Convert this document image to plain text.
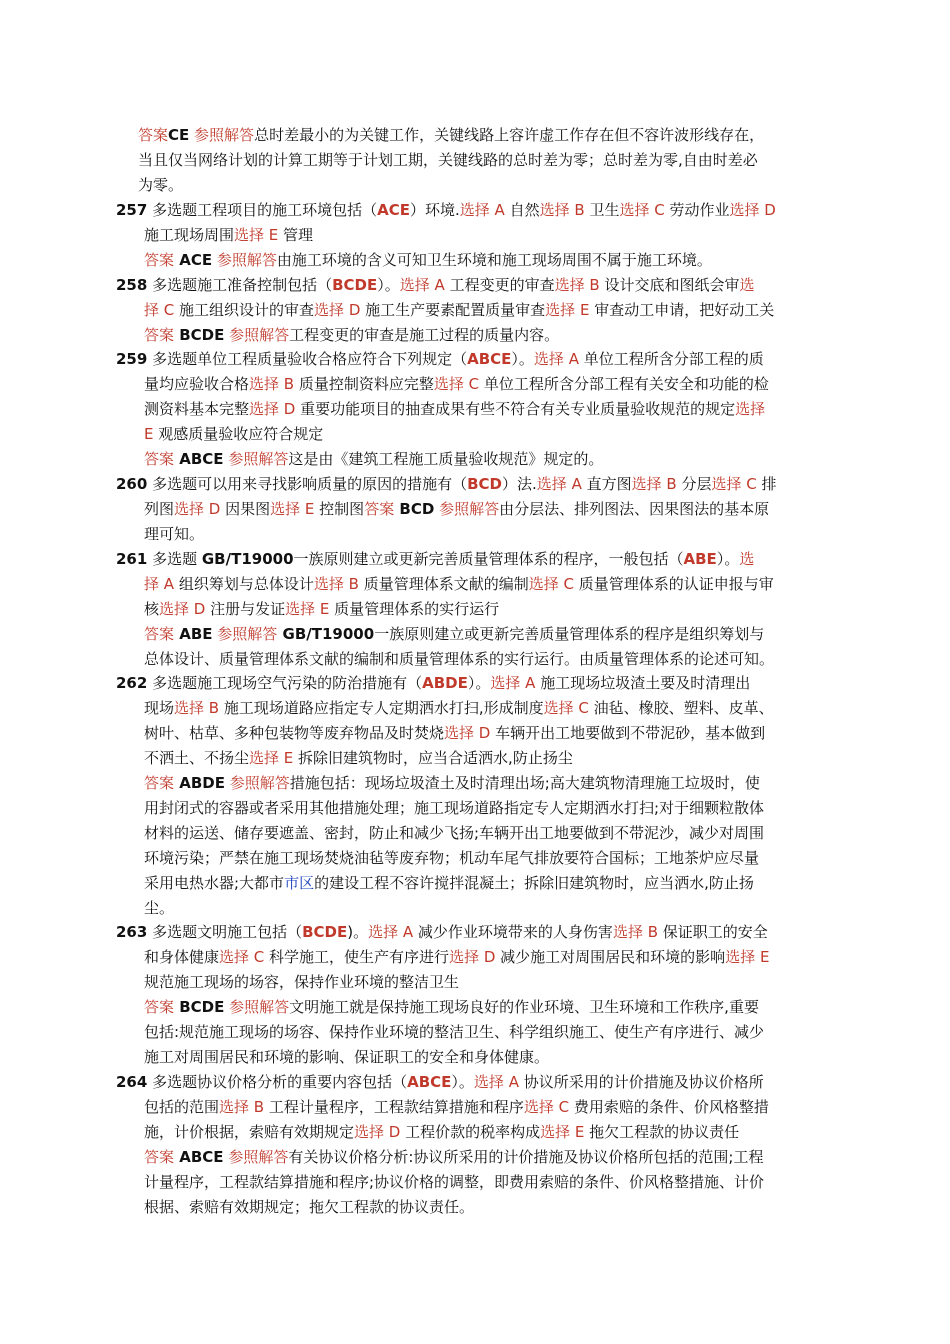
答案CE 参照解答总时差最小的为关键工作，关键线路上容许虚工作存在但不容许波形线存在，
当且仅当网络计划的计算工期等于计划工期，关键线路的总时差为零；总时差为零,自由时差必
为零。
257 多选题工程项目的施工环境包括（ACE）环境.选择 A 自然选择 B 卫生选择 C 劳动作业选择 D
施工现场周围选择 E 管理
答案 ACE 参照解答由施工环境的含义可知卫生环境和施工现场周围不属于施工环境。
258 多选题施工准备控制包括（BCDE）。选择 A 工程变更的审查选择 B 设计交底和图纸会审选
择 C 施工组织设计的审查选择 D 施工生产要素配置质量审查选择 E 审查动工申请，把好动工关
答案 BCDE 参照解答工程变更的审查是施工过程的质量内容。
259 多选题单位工程质量验收合格应符合下列规定（ABCE）。选择 A 单位工程所含分部工程的质
量均应验收合格选择 B 质量控制资料应完整选择 C 单位工程所含分部工程有关安全和功能的检
测资料基本完整选择 D 重要功能项目的抽查成果有些不符合有关专业质量验收规范的规定选择
E 观感质量验收应符合规定
答案 ABCE 参照解答这是由《建筑工程施工质量验收规范》规定的。
260 多选题可以用来寻找影响质量的原因的措施有（BCD）法.选择 A 直方图选择 B 分层选择 C 排
列图选择 D 因果图选择 E 控制图答案 BCD 参照解答由分层法、排列图法、因果图法的基本原
理可知。
261 多选题 GB/T19000一族原则建立或更新完善质量管理体系的程序，一般包括（ABE）。选
择 A 组织筹划与总体设计选择 B 质量管理体系文献的编制选择 C 质量管理体系的认证申报与审
核选择 D 注册与发证选择 E 质量管理体系的实行运行
答案 ABE 参照解答 GB/T19000一族原则建立或更新完善质量管理体系的程序是组织筹划与
总体设计、质量管理体系文献的编制和质量管理体系的实行运行。由质量管理体系的论述可知。
262 多选题施工现场空气污染的防治措施有（ABDE）。选择 A 施工现场垃圾渣土要及时清理出
现场选择 B 施工现场道路应指定专人定期洒水打扫,形成制度选择 C 油毡、橡胶、塑料、皮革、
树叶、枯草、多种包装物等废弃物品及时焚烧选择 D 车辆开出工地要做到不带泥砂，基本做到
不洒土、不扬尘选择 E 拆除旧建筑物时，应当合适洒水,防止扬尘
答案 ABDE 参照解答措施包括：现场垃圾渣土及时清理出场;高大建筑物清理施工垃圾时，使
用封闭式的容器或者采用其他措施处理；施工现场道路指定专人定期洒水打扫;对于细颗粒散体
材料的运送、储存要遮盖、密封，防止和减少飞扬;车辆开出工地要做到不带泥沙，减少对周围
环境污染；严禁在施工现场焚烧油毡等废弃物；机动车尾气排放要符合国标；工地茶炉应尽量
采用电热水器;大都市市区的建设工程不容许搅拌混凝土；拆除旧建筑物时，应当洒水,防止扬
尘。
263 多选题文明施工包括（BCDE)。选择 A 减少作业环境带来的人身伤害选择 B 保证职工的安全
和身体健康选择 C 科学施工，使生产有序进行选择 D 减少施工对周围居民和环境的影响选择 E
规范施工现场的场容，保持作业环境的整洁卫生
答案 BCDE 参照解答文明施工就是保持施工现场良好的作业环境、卫生环境和工作秩序,重要
包括:规范施工现场的场容、保持作业环境的整洁卫生、科学组织施工、使生产有序进行、减少
施工对周围居民和环境的影响、保证职工的安全和身体健康。
264 多选题协议价格分析的重要内容包括（ABCE）。选择 A 协议所采用的计价措施及协议价格所
包括的范围选择 B 工程计量程序，工程款结算措施和程序选择 C 费用索赔的条件、价风格整措
施，计价根据，索赔有效期规定选择 D 工程价款的税率构成选择 E 拖欠工程款的协议责任
答案 ABCE 参照解答有关协议价格分析:协议所采用的计价措施及协议价格所包括的范围;工程
计量程序，工程款结算措施和程序;协议价格的调整，即费用索赔的条件、价风格整措施、计价
根据、索赔有效期规定；拖欠工程款的协议责任。
